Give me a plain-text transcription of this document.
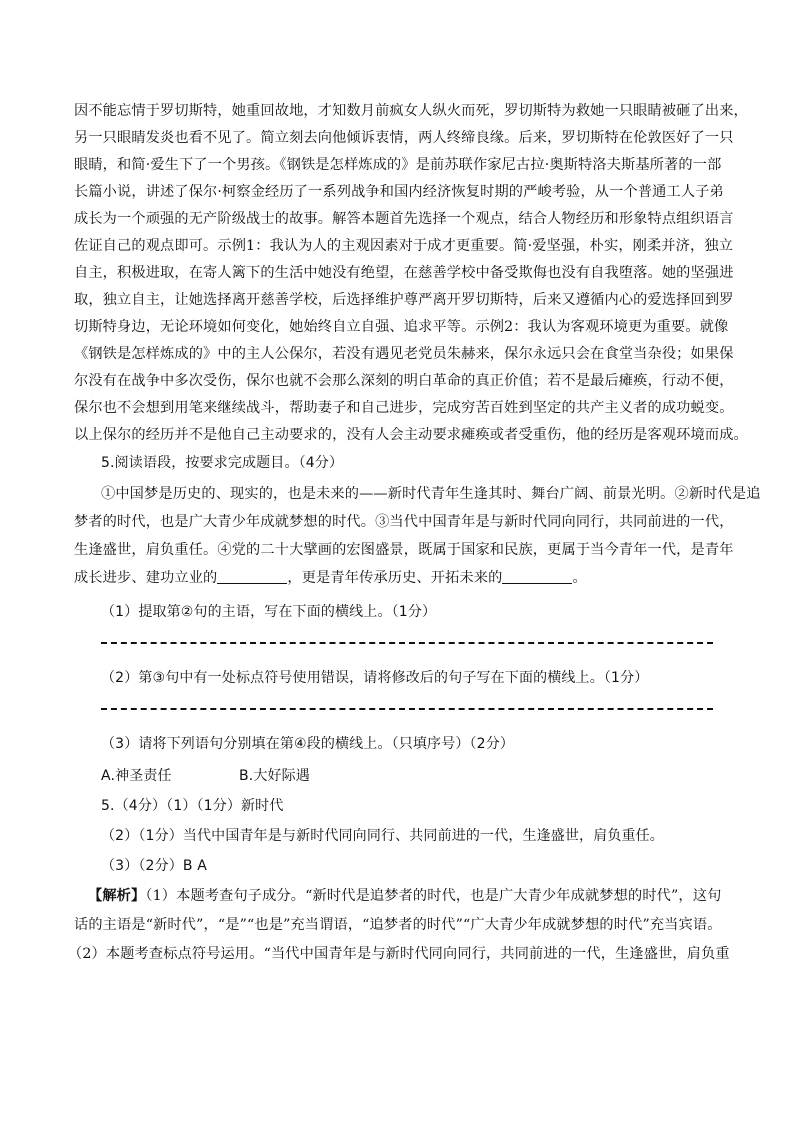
因不能忘情于罗切斯特，她重回故地，才知数月前疯女人纵火而死，罗切斯特为救她一只眼睛被砸了出来，
另一只眼睛发炎也看不见了。简立刻去向他倾诉衷情，两人终缔良缘。后来，罗切斯特在伦敦医好了一只
眼睛，和简·爱生下了一个男孩。《钢铁是怎样炼成的》是前苏联作家尼古拉·奥斯特洛夫斯基所著的一部
长篇小说，讲述了保尔·柯察金经历了一系列战争和国内经济恢复时期的严峻考验，从一个普通工人子弟
成长为一个顽强的无产阶级战士的故事。解答本题首先选择一个观点，结合人物经历和形象特点组织语言
佐证自己的观点即可。示例1：我认为人的主观因素对于成才更重要。简·爱坚强，朴实，刚柔并济，独立
自主，积极进取，在寄人篱下的生活中她没有绝望，在慈善学校中备受欺侮也没有自我堕落。她的坚强进
取，独立自主，让她选择离开慈善学校，后选择维护尊严离开罗切斯特，后来又遵循内心的爱选择回到罗
切斯特身边，无论环境如何变化，她始终自立自强、追求平等。示例2：我认为客观环境更为重要。就像
《钢铁是怎样炼成的》中的主人公保尔，若没有遇见老党员朱赫来，保尔永远只会在食堂当杂役；如果保
尔没有在战争中多次受伤，保尔也就不会那么深刻的明白革命的真正价值；若不是最后瘫痪，行动不便，
保尔也不会想到用笔来继续战斗，帮助妻子和自己进步，完成穷苦百姓到坚定的共产主义者的成功蜕变。
以上保尔的经历并不是他自己主动要求的，没有人会主动要求瘫痪或者受重伤，他的经历是客观环境而成。
5.阅读语段，按要求完成题目。（4分）
①中国梦是历史的、现实的，也是未来的——新时代青年生逢其时、舞台广阔、前景光明。②新时代是追
梦者的时代，也是广大青少年成就梦想的时代。③当代中国青年是与新时代同向同行，共同前进的一代，
生逢盛世，肩负重任。④党的二十大擘画的宏图盛景，既属于国家和民族，更属于当今青年一代，是青年
成长进步、建功立业的	，更是青年传承历史、开拓未来的	。
（1）提取第②句的主语，写在下面的横线上。（1分）
（2）第③句中有一处标点符号使用错误，请将修改后的句子写在下面的横线上。（1分）
（3）请将下列语句分别填在第④段的横线上。（只填序号）（2分）
A.神圣责任	B.大好际遇
5.（4分）（1）（1分）新时代
（2）（1分）当代中国青年是与新时代同向同行、共同前进的一代，生逢盛世，肩负重任。
（3）（2分）B A
【解析】（1）本题考查句子成分。“新时代是追梦者的时代，也是广大青少年成就梦想的时代”，这句
话的主语是“新时代”，“是”“也是”充当谓语，“追梦者的时代”“广大青少年成就梦想的时代”充当宾语。
（2）本题考查标点符号运用。“当代中国青年是与新时代同向同行，共同前进的一代，生逢盛世，肩负重
